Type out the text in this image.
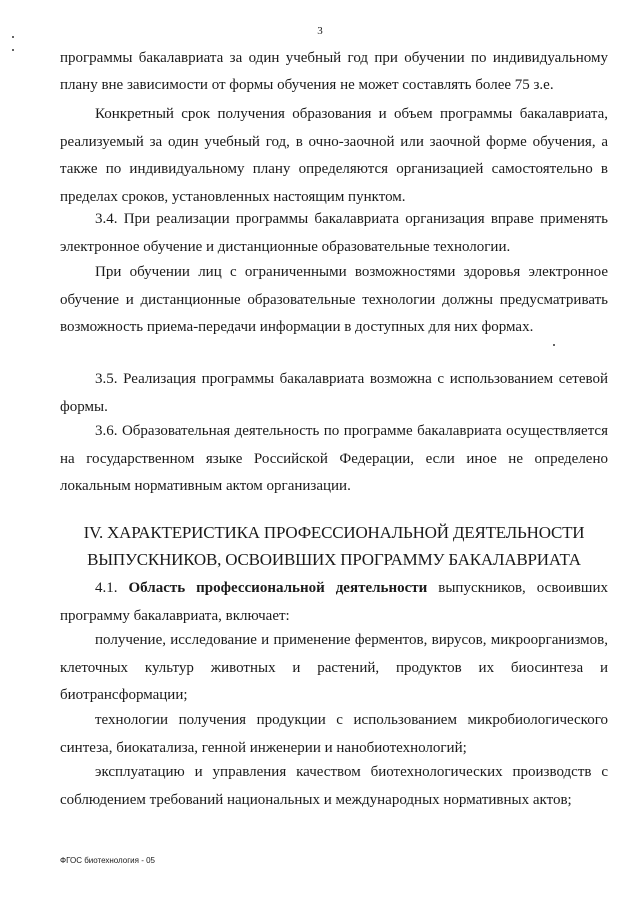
3
программы бакалавриата за один учебный год при обучении по индивидуальному
плану вне зависимости от формы обучения не может составлять более 75 з.е.
Конкретный срок получения образования и объем программы бакалавриата, реализуемый за один учебный год, в очно-заочной или заочной форме обучения, а также по индивидуальному плану определяются организацией самостоятельно в пределах сроков, установленных настоящим пунктом.
3.4. При реализации программы бакалавриата организация вправе применять электронное обучение и дистанционные образовательные технологии.
При обучении лиц с ограниченными возможностями здоровья электронное обучение и дистанционные образовательные технологии должны предусматривать возможность приема-передачи информации в доступных для них формах.
3.5. Реализация программы бакалавриата возможна с использованием сетевой формы.
3.6. Образовательная деятельность по программе бакалавриата осуществляется на государственном языке Российской Федерации, если иное не определено локальным нормативным актом организации.
IV. ХАРАКТЕРИСТИКА ПРОФЕССИОНАЛЬНОЙ ДЕЯТЕЛЬНОСТИ
ВЫПУСКНИКОВ, ОСВОИВШИХ ПРОГРАММУ БАКАЛАВРИАТА
4.1. Область профессиональной деятельности выпускников, освоивших программу бакалавриата, включает:
получение, исследование и применение ферментов, вирусов, микроорганизмов, клеточных культур животных и растений, продуктов их биосинтеза и биотрансформации;
технологии получения продукции с использованием микробиологического синтеза, биокатализа, генной инженерии и нанобиотехнологий;
эксплуатацию и управления качеством биотехнологических производств с соблюдением требований национальных и международных нормативных актов;
ФГОС биотехнология - 05
